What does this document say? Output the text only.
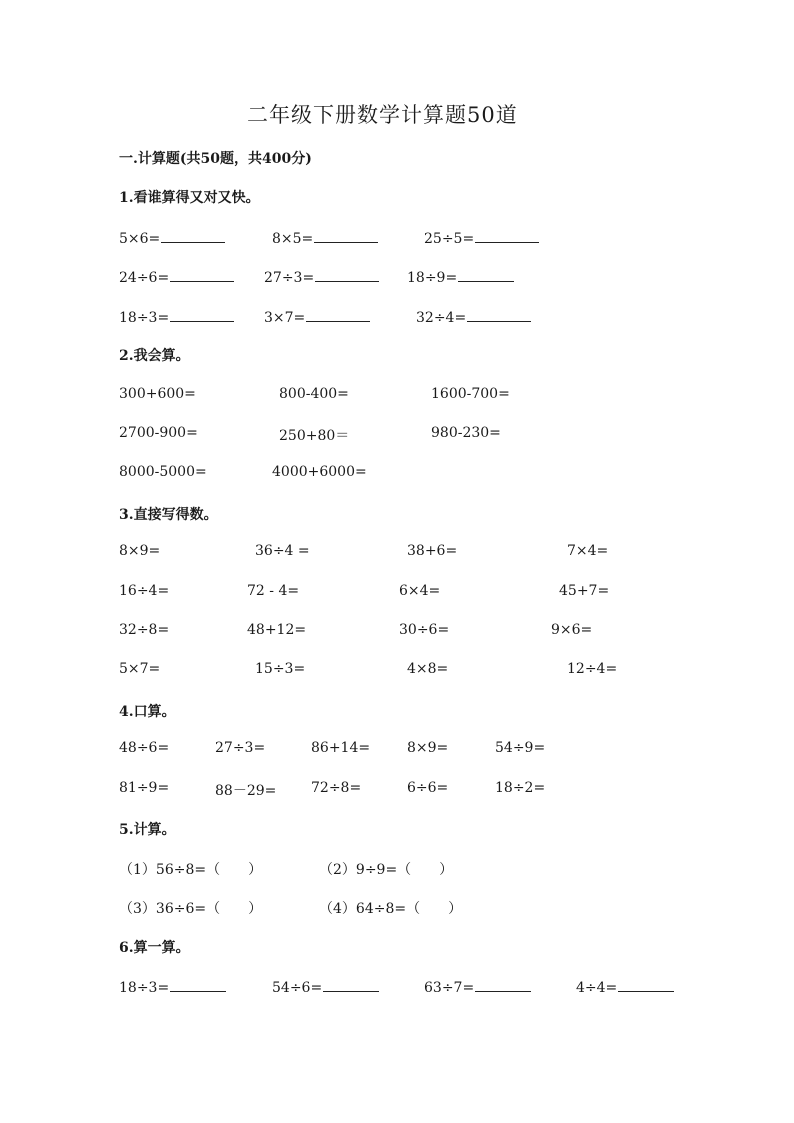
二年级下册数学计算题50道
一.计算题(共50题，共400分)
1.看谁算得又对又快。
5×6=	8×5=	25÷5=
24÷6=	27÷3=	18÷9=
18÷3=	3×7=	32÷4=
2.我会算。
300+600=	800-400=	1600-700=
2700-900=	250+80＝	980-230=
8000-5000=	4000+6000=
3.直接写得数。
8×9=	36÷4 =	38+6=	7×4=
16÷4=	72 - 4=	6×4=	45+7=
32÷8=	48+12=	30÷6=	9×6=
5×7=	15÷3=	4×8=	12÷4=
4.口算。
48÷6=	27÷3=	86+14=	8×9=	54÷9=
81÷9=	88－29= 72÷8=	6÷6=	18÷2=
5.计算。
（1）56÷8=（　　）	（2）9÷9=（　　）
（3）36÷6=（　　）	（4）64÷8=（　　）
6.算一算。
18÷3=	54÷6=	63÷7=	4÷4=
